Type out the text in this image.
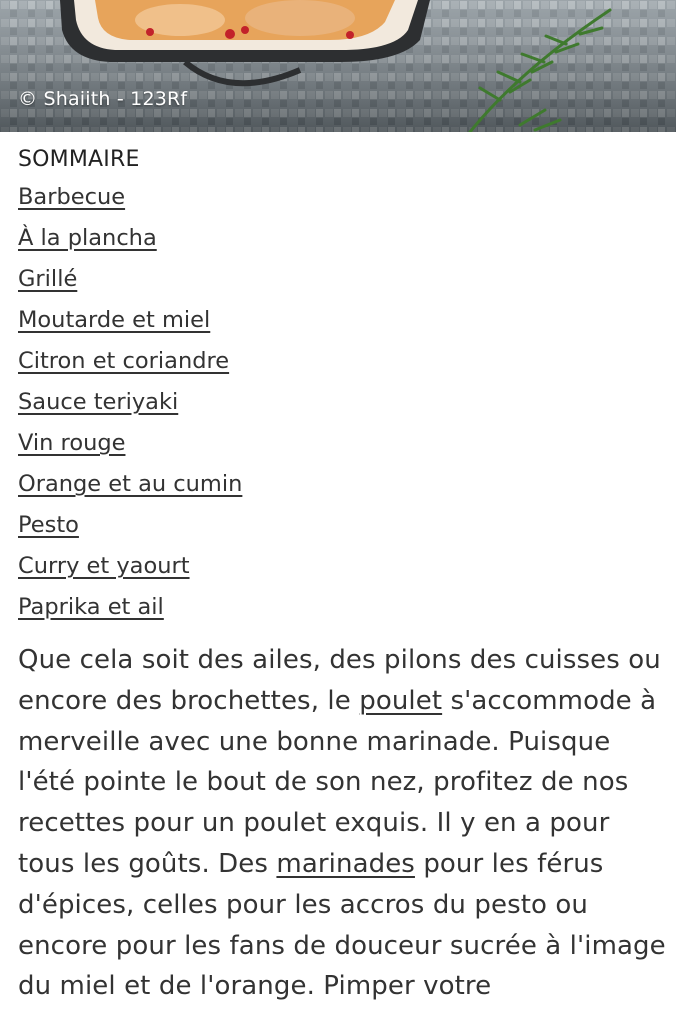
© Shaiith - 123Rf
SOMMAIRE
Barbecue
À la plancha
Grillé
Moutarde et miel
Citron et coriandre
Sauce teriyaki
Vin rouge
Orange et au cumin
Pesto
Curry et yaourt
Paprika et ail

Que cela soit des ailes, des pilons des cuisses ou encore des brochettes, le poulet s'accommode à merveille avec une bonne marinade. Puisque l'été pointe le bout de son nez, profitez de nos recettes pour un poulet exquis. Il y en a pour tous les goûts. Des marinades pour les férus d'épices, celles pour les accros du pesto ou encore pour les fans de douceur sucrée à l'image du miel et de l'orange. Pimper votre
